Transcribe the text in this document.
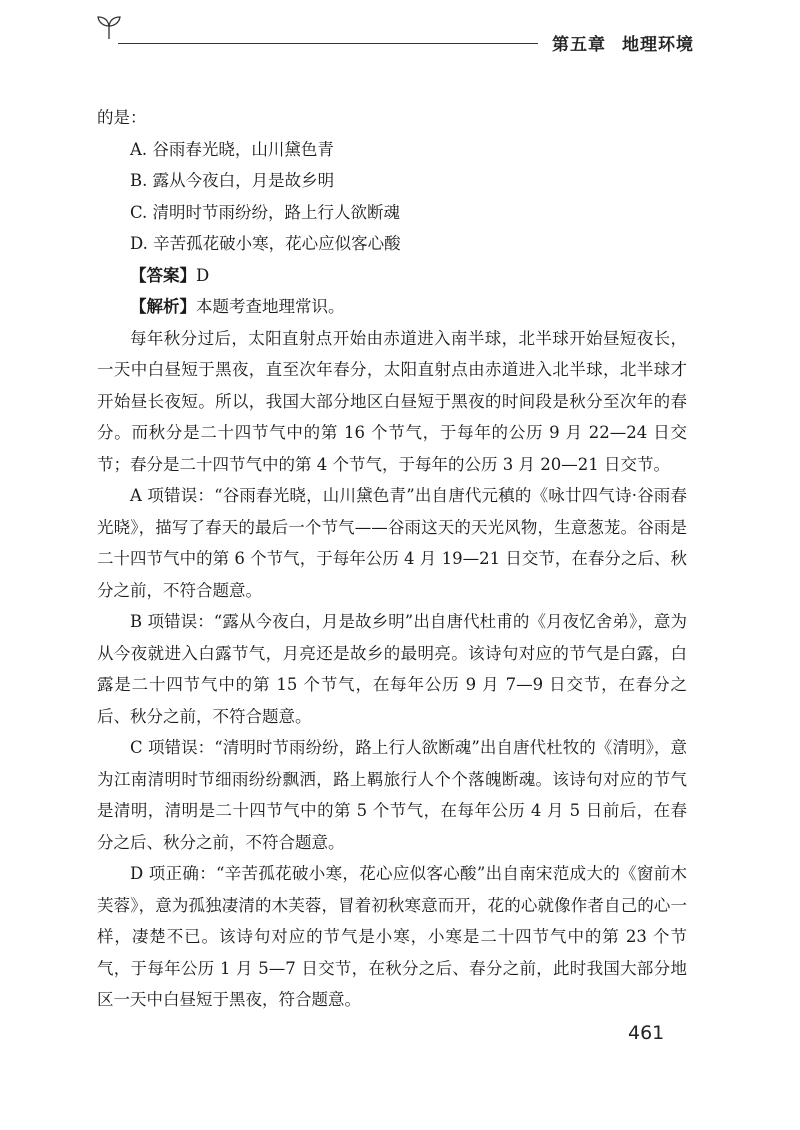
第五章 地理环境

的是：

A. 谷雨春光晓，山川黛色青

B. 露从今夜白，月是故乡明

C. 清明时节雨纷纷，路上行人欲断魂

D. 辛苦孤花破小寒，花心应似客心酸

【答案】D

【解析】本题考查地理常识。

每年秋分过后，太阳直射点开始由赤道进入南半球，北半球开始昼短夜长，一天中白昼短于黑夜，直至次年春分，太阳直射点由赤道进入北半球，北半球才开始昼长夜短。所以，我国大部分地区白昼短于黑夜的时间段是秋分至次年的春分。而秋分是二十四节气中的第 16 个节气，于每年的公历 9 月 22—24 日交节；春分是二十四节气中的第 4 个节气，于每年的公历 3 月 20—21 日交节。

A 项错误：“谷雨春光晓，山川黛色青”出自唐代元稹的《咏廿四气诗·谷雨春光晓》，描写了春天的最后一个节气——谷雨这天的天光风物，生意葱茏。谷雨是二十四节气中的第 6 个节气，于每年公历 4 月 19—21 日交节，在春分之后、秋分之前，不符合题意。

B 项错误：“露从今夜白，月是故乡明”出自唐代杜甫的《月夜忆舍弟》，意为从今夜就进入白露节气，月亮还是故乡的最明亮。该诗句对应的节气是白露，白露是二十四节气中的第 15 个节气，在每年公历 9 月 7—9 日交节，在春分之后、秋分之前，不符合题意。

C 项错误：“清明时节雨纷纷，路上行人欲断魂”出自唐代杜牧的《清明》，意为江南清明时节细雨纷纷飘洒，路上羁旅行人个个落魄断魂。该诗句对应的节气是清明，清明是二十四节气中的第 5 个节气，在每年公历 4 月 5 日前后，在春分之后、秋分之前，不符合题意。

D 项正确：“辛苦孤花破小寒，花心应似客心酸”出自南宋范成大的《窗前木芙蓉》，意为孤独凄清的木芙蓉，冒着初秋寒意而开，花的心就像作者自己的心一样，凄楚不已。该诗句对应的节气是小寒，小寒是二十四节气中的第 23 个节气，于每年公历 1 月 5—7 日交节，在秋分之后、春分之前，此时我国大部分地区一天中白昼短于黑夜，符合题意。

461
